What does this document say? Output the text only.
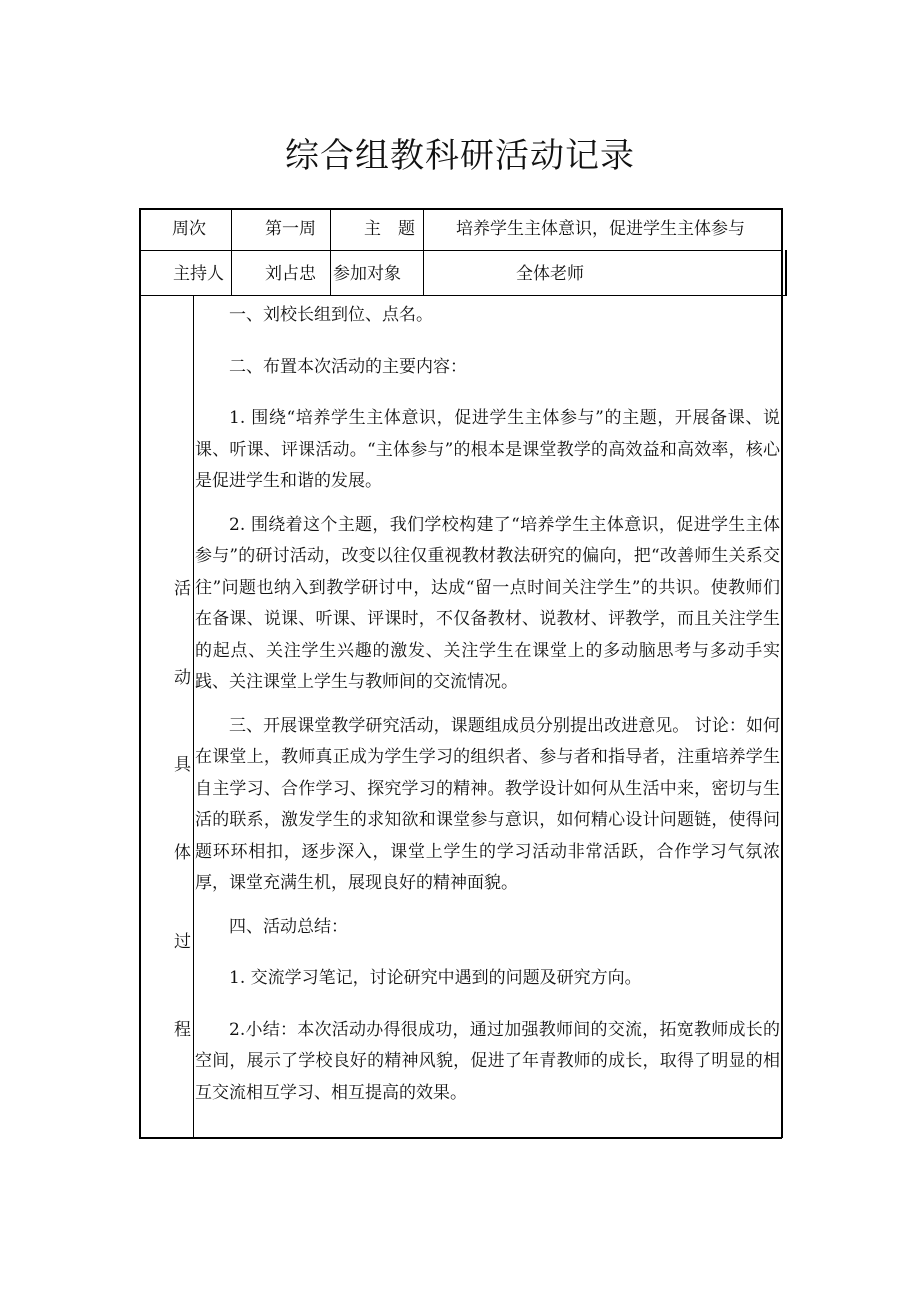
综合组教科研活动记录
周次	第一周	主　题 培养学生主体意识，促进学生主体参与
主持人 刘占忠 参加对象	全体老师
活
动
具
体
过
程

一、刘校长组到位、点名。

二、布置本次活动的主要内容：

1. 围绕“培养学生主体意识，促进学生主体参与”的主题，开展备课、说课、听课、评课活动。“主体参与”的根本是课堂教学的高效益和高效率，核心是促进学生和谐的发展。

2. 围绕着这个主题，我们学校构建了“培养学生主体意识，促进学生主体参与”的研讨活动，改变以往仅重视教材教法研究的偏向，把“改善师生关系交往”问题也纳入到教学研讨中，达成“留一点时间关注学生”的共识。使教师们在备课、说课、听课、评课时，不仅备教材、说教材、评教学，而且关注学生的起点、关注学生兴趣的激发、关注学生在课堂上的多动脑思考与多动手实践、关注课堂上学生与教师间的交流情况。

三、开展课堂教学研究活动，课题组成员分别提出改进意见。 讨论：如何在课堂上，教师真正成为学生学习的组织者、参与者和指导者，注重培养学生自主学习、合作学习、探究学习的精神。教学设计如何从生活中来，密切与生活的联系，激发学生的求知欲和课堂参与意识，如何精心设计问题链，使得问题环环相扣，逐步深入，课堂上学生的学习活动非常活跃，合作学习气氛浓厚，课堂充满生机，展现良好的精神面貌。

四、活动总结：

1. 交流学习笔记，讨论研究中遇到的问题及研究方向。

2.小结：本次活动办得很成功，通过加强教师间的交流，拓宽教师成长的空间，展示了学校良好的精神风貌，促进了年青教师的成长，取得了明显的相互交流相互学习、相互提高的效果。
